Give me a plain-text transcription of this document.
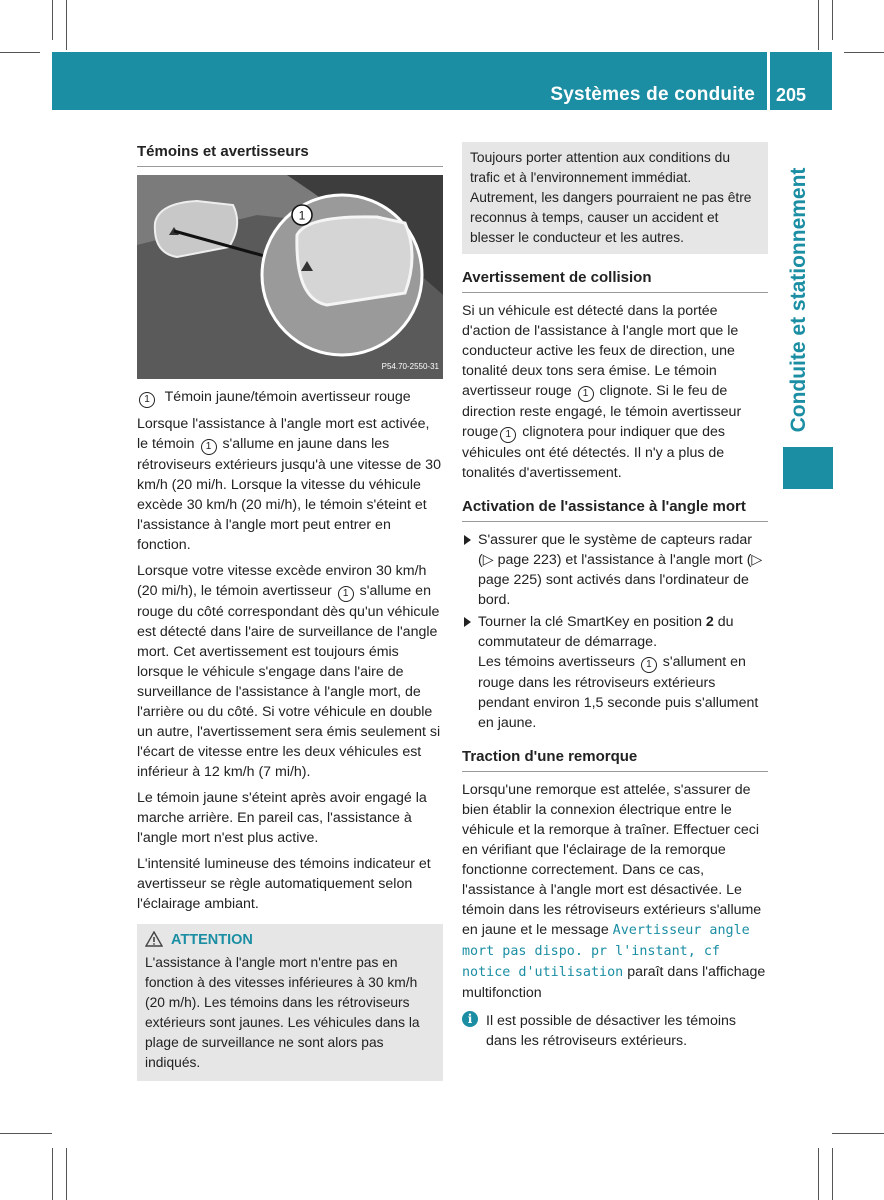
Systèmes de conduite 205
Conduite et stationnement
Témoins et avertisseurs
1
P54.70-2550-31

1 Témoin jaune/témoin avertisseur rouge

Lorsque l'assistance à l'angle mort est activée, le témoin 1 s'allume en jaune dans les rétroviseurs extérieurs jusqu'à une vitesse de 30 km/h (20 mi/h. Lorsque la vitesse du véhicule excède 30 km/h (20 mi/h), le témoin s'éteint et l'assistance à l'angle mort peut entrer en fonction.

Lorsque votre vitesse excède environ 30 km/h (20 mi/h), le témoin avertisseur 1 s'allume en rouge du côté correspondant dès qu'un véhicule est détecté dans l'aire de surveillance de l'angle mort. Cet avertissement est toujours émis lorsque le véhicule s'engage dans l'aire de surveillance de l'assistance à l'angle mort, de l'arrière ou du côté. Si votre véhicule en double un autre, l'avertissement sera émis seulement si l'écart de vitesse entre les deux véhicules est inférieur à 12 km/h (7 mi/h).

Le témoin jaune s'éteint après avoir engagé la marche arrière. En pareil cas, l'assistance à l'angle mort n'est plus active.

L'intensité lumineuse des témoins indicateur et avertisseur se règle automatiquement selon l'éclairage ambiant.

ATTENTION
L'assistance à l'angle mort n'entre pas en fonction à des vitesses inférieures à 30 km/h (20 m/h). Les témoins dans les rétroviseurs extérieurs sont jaunes. Les véhicules dans la plage de surveillance ne sont alors pas indiqués.
Toujours porter attention aux conditions du trafic et à l'environnement immédiat. Autrement, les dangers pourraient ne pas être reconnus à temps, causer un accident et blesser le conducteur et les autres.
Avertissement de collision

Si un véhicule est détecté dans la portée d'action de l'assistance à l'angle mort que le conducteur active les feux de direction, une tonalité deux tons sera émise. Le témoin avertisseur rouge 1 clignote. Si le feu de direction reste engagé, le témoin avertisseur rouge 1 clignotera pour indiquer que des véhicules ont été détectés. Il n'y a plus de tonalités d'avertissement.

Activation de l'assistance à l'angle mort
S'assurer que le système de capteurs radar (▷ page 223) et l'assistance à l'angle mort (▷ page 225) sont activés dans l'ordinateur de bord.
Tourner la clé SmartKey en position 2 du commutateur de démarrage.
Les témoins avertisseurs 1 s'allument en rouge dans les rétroviseurs extérieurs pendant environ 1,5 seconde puis s'allument en jaune.
Traction d'une remorque

Lorsqu'une remorque est attelée, s'assurer de bien établir la connexion électrique entre le véhicule et la remorque à traîner. Effectuer ceci en vérifiant que l'éclairage de la remorque fonctionne correctement. Dans ce cas, l'assistance à l'angle mort est désactivée. Le témoin dans les rétroviseurs extérieurs s'allume en jaune et le message Avertisseur angle mort pas dispo. pr l'instant, cf notice d'utilisation paraît dans l'affichage multifonction

i Il est possible de désactiver les témoins dans les rétroviseurs extérieurs.
